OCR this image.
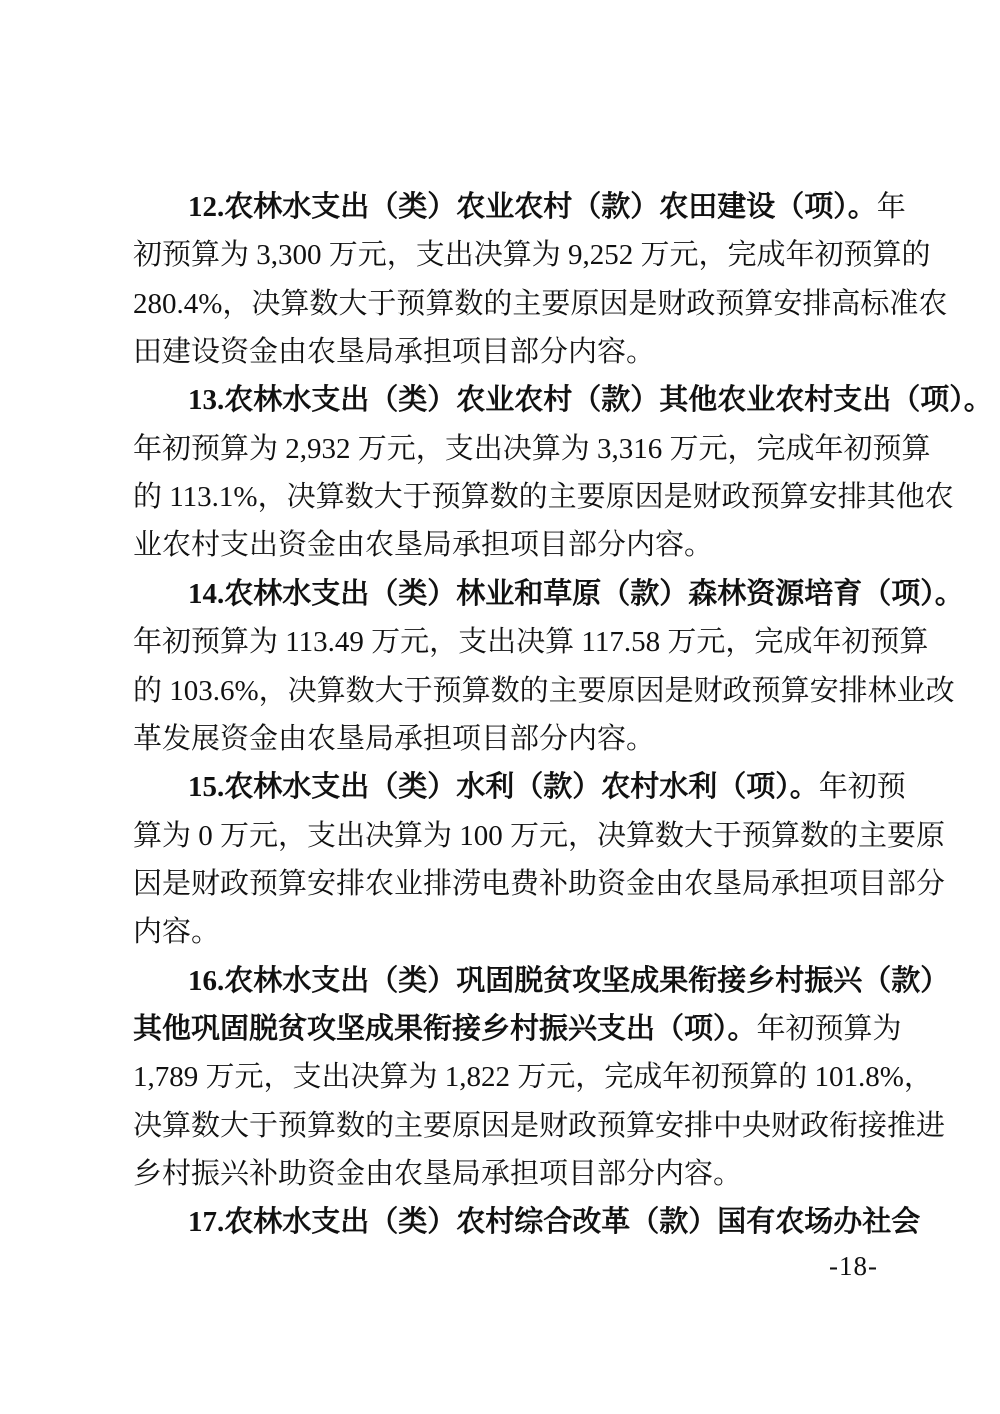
12.农林水支出（类）农业农村（款）农田建设（项）。年
初预算为 3,300 万元，支出决算为 9,252 万元，完成年初预算的
280.4%，决算数大于预算数的主要原因是财政预算安排高标准农
田建设资金由农垦局承担项目部分内容。
13.农林水支出（类）农业农村（款）其他农业农村支出（项）。
年初预算为 2,932 万元，支出决算为 3,316 万元，完成年初预算
的 113.1%，决算数大于预算数的主要原因是财政预算安排其他农
业农村支出资金由农垦局承担项目部分内容。
14.农林水支出（类）林业和草原（款）森林资源培育（项）。
年初预算为 113.49 万元，支出决算 117.58 万元，完成年初预算
的 103.6%，决算数大于预算数的主要原因是财政预算安排林业改
革发展资金由农垦局承担项目部分内容。
15.农林水支出（类）水利（款）农村水利（项）。年初预
算为 0 万元，支出决算为 100 万元，决算数大于预算数的主要原
因是财政预算安排农业排涝电费补助资金由农垦局承担项目部分
内容。
16.农林水支出（类）巩固脱贫攻坚成果衔接乡村振兴（款）
其他巩固脱贫攻坚成果衔接乡村振兴支出（项）。年初预算为
1,789 万元，支出决算为 1,822 万元，完成年初预算的 101.8%，
决算数大于预算数的主要原因是财政预算安排中央财政衔接推进
乡村振兴补助资金由农垦局承担项目部分内容。
17.农林水支出（类）农村综合改革（款）国有农场办社会
-18-
